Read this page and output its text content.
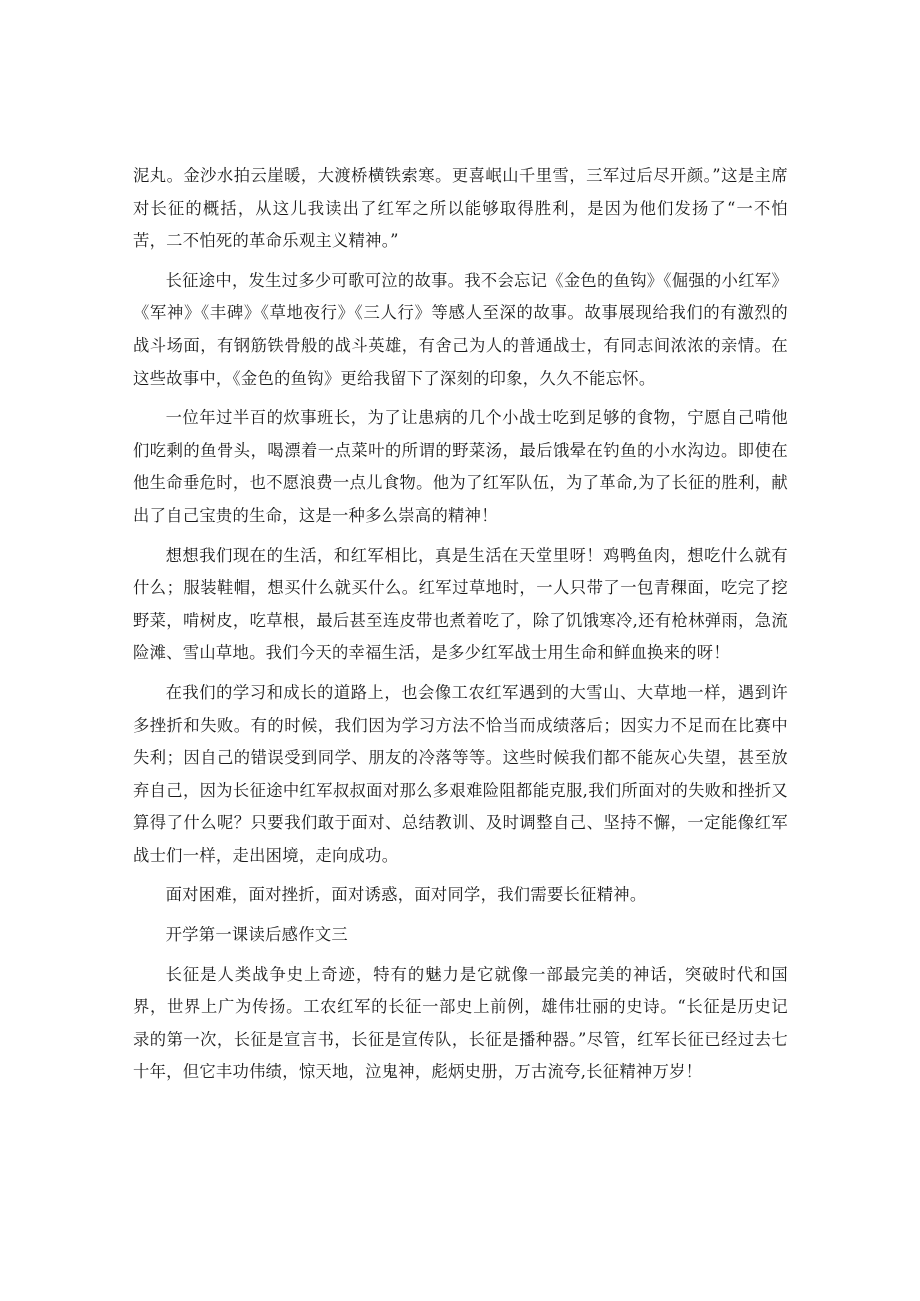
泥丸。金沙水拍云崖暖，大渡桥横铁索寒。更喜岷山千里雪，三军过后尽开颜。”这是主席对长征的概括，从这儿我读出了红军之所以能够取得胜利，是因为他们发扬了“一不怕苦，二不怕死的革命乐观主义精神。”

长征途中，发生过多少可歌可泣的故事。我不会忘记《金色的鱼钩》《倔强的小红军》《军神》《丰碑》《草地夜行》《三人行》等感人至深的故事。故事展现给我们的有激烈的战斗场面，有钢筋铁骨般的战斗英雄，有舍己为人的普通战士，有同志间浓浓的亲情。在这些故事中，《金色的鱼钩》更给我留下了深刻的印象，久久不能忘怀。

一位年过半百的炊事班长，为了让患病的几个小战士吃到足够的食物，宁愿自己啃他们吃剩的鱼骨头，喝漂着一点菜叶的所谓的野菜汤，最后饿晕在钓鱼的小水沟边。即使在他生命垂危时，也不愿浪费一点儿食物。他为了红军队伍，为了革命,为了长征的胜利，献出了自己宝贵的生命，这是一种多么崇高的精神！

想想我们现在的生活，和红军相比，真是生活在天堂里呀！鸡鸭鱼肉，想吃什么就有什么；服装鞋帽，想买什么就买什么。红军过草地时，一人只带了一包青稞面，吃完了挖野菜，啃树皮，吃草根，最后甚至连皮带也煮着吃了，除了饥饿寒冷,还有枪林弹雨，急流险滩、雪山草地。我们今天的幸福生活，是多少红军战士用生命和鲜血换来的呀！

在我们的学习和成长的道路上，也会像工农红军遇到的大雪山、大草地一样，遇到许多挫折和失败。有的时候，我们因为学习方法不恰当而成绩落后；因实力不足而在比赛中失利；因自己的错误受到同学、朋友的冷落等等。这些时候我们都不能灰心失望，甚至放弃自己，因为长征途中红军叔叔面对那么多艰难险阻都能克服,我们所面对的失败和挫折又算得了什么呢？只要我们敢于面对、总结教训、及时调整自己、坚持不懈，一定能像红军战士们一样，走出困境，走向成功。

面对困难，面对挫折，面对诱惑，面对同学，我们需要长征精神。

开学第一课读后感作文三

长征是人类战争史上奇迹，特有的魅力是它就像一部最完美的神话，突破时代和国界，世界上广为传扬。工农红军的长征一部史上前例，雄伟壮丽的史诗。“长征是历史记录的第一次，长征是宣言书，长征是宣传队，长征是播种器。”尽管，红军长征已经过去七十年，但它丰功伟绩，惊天地，泣鬼神，彪炳史册，万古流夸,长征精神万岁！
